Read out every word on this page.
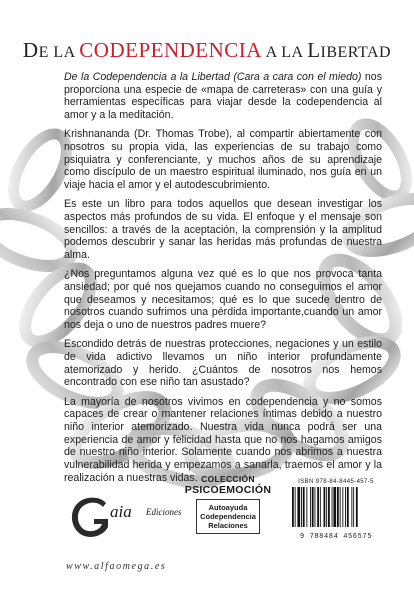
DE LA CODEPENDENCIA A LA LIBERTAD

De la Codependencia a la Libertad (Cara a cara con el miedo) nos proporciona una especie de «mapa de carreteras» con una guía y herramientas específicas para viajar desde la codependencia al amor y a la meditación.

Krishnananda (Dr. Thomas Trobe), al compartir abiertamente con nosotros su propia vida, las experiencias de su trabajo como psiquiatra y conferenciante, y muchos años de su aprendizaje como discípulo de un maestro espiritual iluminado, nos guía en un viaje hacia el amor y el autodescubrimiento.

Es este un libro para todos aquellos que desean investigar los aspectos más profundos de su vida. El enfoque y el mensaje son sencillos: a través de la aceptación, la comprensión y la amplitud podemos descubrir y sanar las heridas más profundas de nuestra alma.

¿Nos preguntamos alguna vez qué es lo que nos provoca tanta ansiedad; por qué nos quejamos cuando no conseguimos el amor que deseamos y necesitamos; qué es lo que sucede dentro de nosotros cuando sufrimos una pérdida importante,cuando un amor nos deja o uno de nuestros padres muere?

Escondido detrás de nuestras protecciones, negaciones y un estilo de vida adictivo llevamos un niño interior profundamente atemorizado y herido. ¿Cuántos de nosotros nos hemos encontrado con ese niño tan asustado?

La mayoría de nosotros vivimos en codependencia y no somos capaces de crear o mantener relaciones íntimas debido a nuestro niño interior atemorizado. Nuestra vida nunca podrá ser una experiencia de amor y felicidad hasta que no nos hagamos amigos de nuestro niño interior. Solamente cuando nos abrimos a nuestra vulnerabilidad herida y empezamos a sanarla, traemos el amor y la realización a nuestras vidas.

aia Ediciones
www.alfaomega.es
COLECCIÓN
PSICOEMOCIÓN
Autoayuda
Codependencia
Relaciones
ISBN 978-84-8445-457-5
9 788484 456575
